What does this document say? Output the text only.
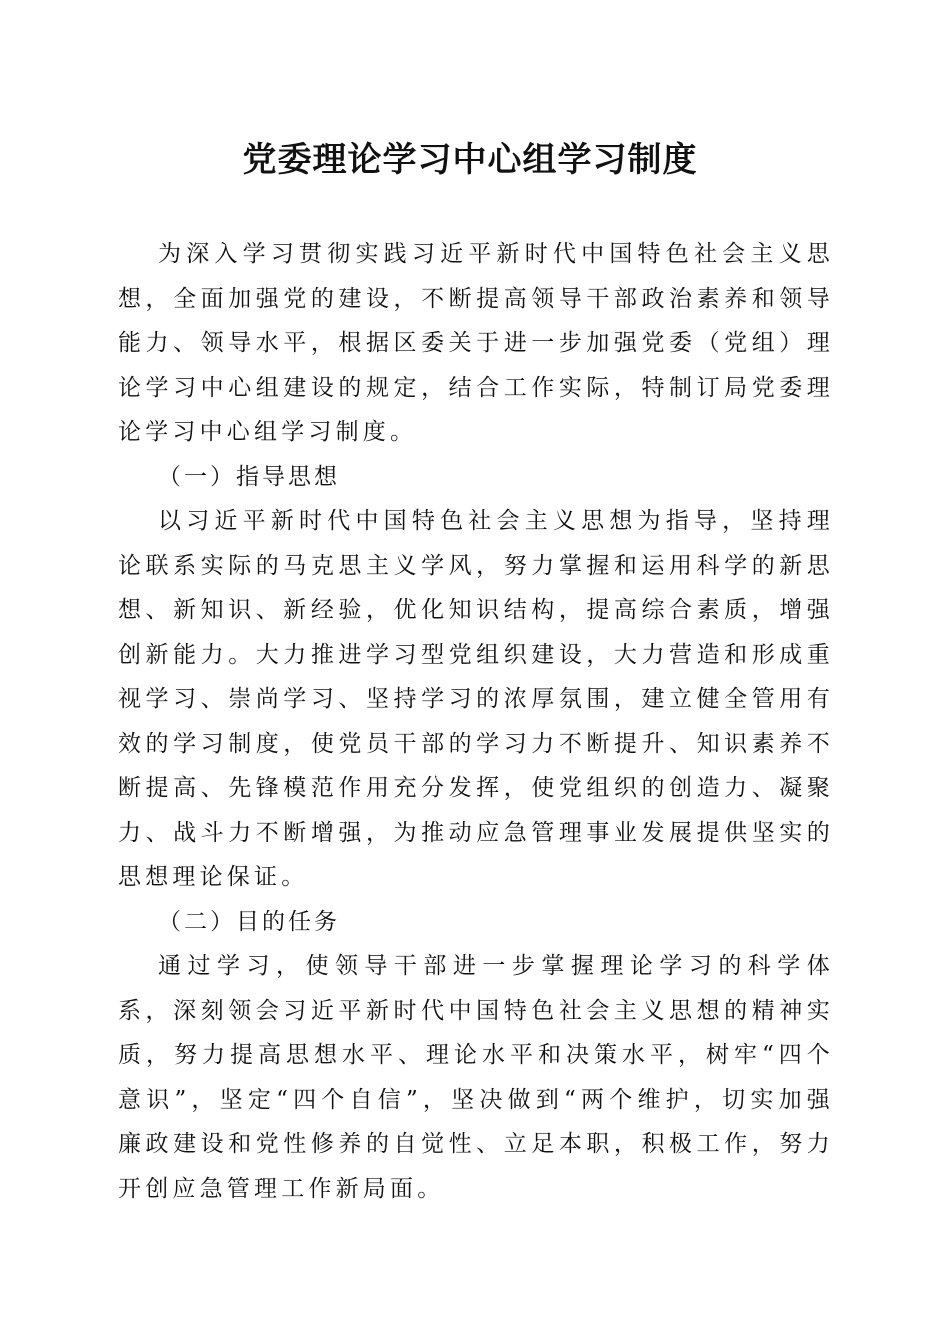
党委理论学习中心组学习制度

为深入学习贯彻实践习近平新时代中国特色社会主义思想，全面加强党的建设，不断提高领导干部政治素养和领导能力、领导水平，根据区委关于进一步加强党委（党组）理论学习中心组建设的规定，结合工作实际，特制订局党委理论学习中心组学习制度。

（一）指导思想

以习近平新时代中国特色社会主义思想为指导，坚持理论联系实际的马克思主义学风，努力掌握和运用科学的新思想、新知识、新经验，优化知识结构，提高综合素质，增强创新能力。大力推进学习型党组织建设，大力营造和形成重视学习、崇尚学习、坚持学习的浓厚氛围，建立健全管用有效的学习制度，使党员干部的学习力不断提升、知识素养不断提高、先锋模范作用充分发挥，使党组织的创造力、凝聚力、战斗力不断增强，为推动应急管理事业发展提供坚实的思想理论保证。

（二）目的任务

通过学习，使领导干部进一步掌握理论学习的科学体系，深刻领会习近平新时代中国特色社会主义思想的精神实质，努力提高思想水平、理论水平和决策水平，树牢“四个意识”，坚定“四个自信”，坚决做到“两个维护，切实加强廉政建设和党性修养的自觉性、立足本职，积极工作，努力开创应急管理工作新局面。
